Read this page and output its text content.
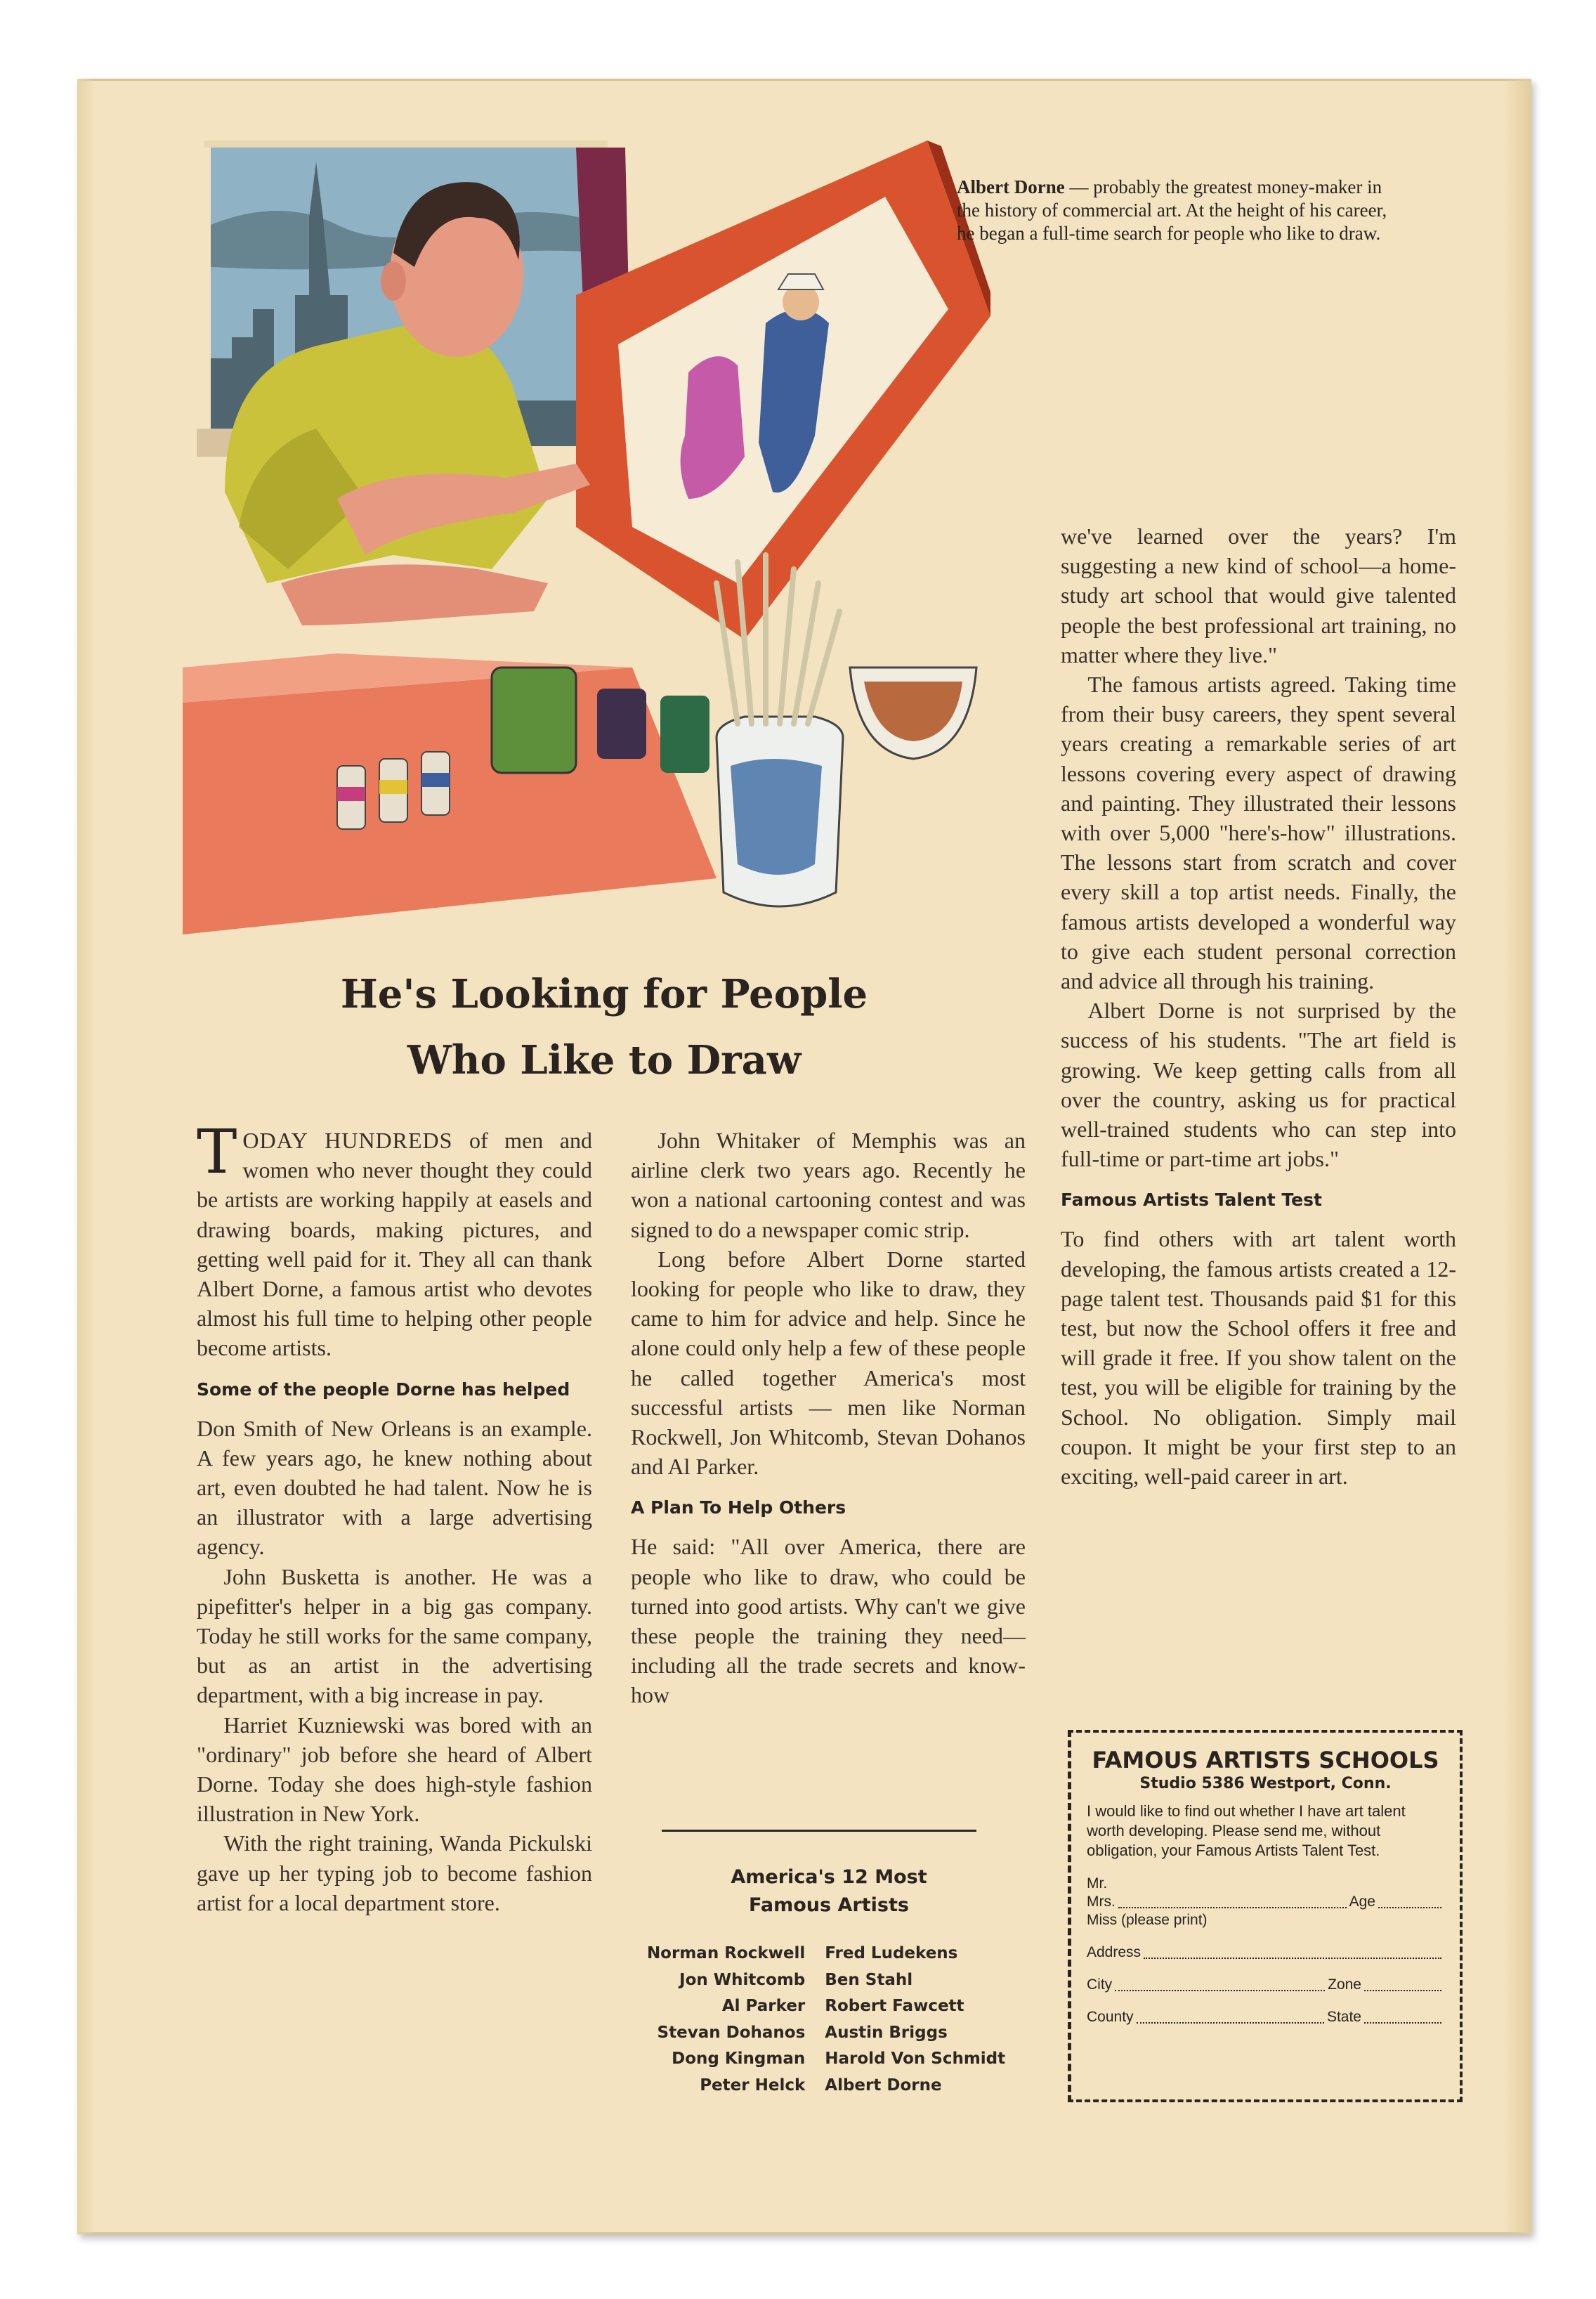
Albert Dorne — probably the greatest money-maker in the history of commercial art. At the height of his career, he began a full-time search for people who like to draw.
He's Looking for People
Who Like to Draw

TODAY HUNDREDS of men and women who never thought they could be artists are working happily at easels and drawing boards, making pictures, and getting well paid for it. They all can thank Albert Dorne, a famous artist who devotes almost his full time to helping other people become artists.

Some of the people Dorne has helped

Don Smith of New Orleans is an example. A few years ago, he knew nothing about art, even doubted he had talent. Now he is an illustrator with a large advertising agency.

John Busketta is another. He was a pipefitter's helper in a big gas company. Today he still works for the same company, but as an artist in the advertising department, with a big increase in pay.

Harriet Kuzniewski was bored with an "ordinary" job before she heard of Albert Dorne. Today she does high-style fashion illustration in New York.

With the right training, Wanda Pickulski gave up her typing job to become fashion artist for a local department store.

John Whitaker of Memphis was an airline clerk two years ago. Recently he won a national cartooning contest and was signed to do a newspaper comic strip.

Long before Albert Dorne started looking for people who like to draw, they came to him for advice and help. Since he alone could only help a few of these people he called together America's most successful artists — men like Norman Rockwell, Jon Whitcomb, Stevan Dohanos and Al Parker.

A Plan To Help Others

He said: "All over America, there are people who like to draw, who could be turned into good artists. Why can't we give these people the training they need—including all the trade secrets and know-how

we've learned over the years? I'm suggesting a new kind of school—a home-study art school that would give talented people the best professional art training, no matter where they live."

The famous artists agreed. Taking time from their busy careers, they spent several years creating a remarkable series of art lessons covering every aspect of drawing and painting. They illustrated their lessons with over 5,000 "here's-how" illustrations. The lessons start from scratch and cover every skill a top artist needs. Finally, the famous artists developed a wonderful way to give each student personal correction and advice all through his training.

Albert Dorne is not surprised by the success of his students. "The art field is growing. We keep getting calls from all over the country, asking us for practical well-trained students who can step into full-time or part-time art jobs."

Famous Artists Talent Test

To find others with art talent worth developing, the famous artists created a 12-page talent test. Thousands paid $1 for this test, but now the School offers it free and will grade it free. If you show talent on the test, you will be eligible for training by the School. No obligation. Simply mail coupon. It might be your first step to an exciting, well-paid career in art.

America's 12 Most
Famous Artists
Norman Rockwell	Fred Ludekens
Jon Whitcomb	Ben Stahl
Al Parker	Robert Fawcett
Stevan Dohanos	Austin Briggs
Dong Kingman	Harold Von Schmidt
Peter Helck	Albert Dorne
FAMOUS ARTISTS SCHOOLS
Studio 5386 Westport, Conn.
I would like to find out whether I have art talent worth developing. Please send me, without obligation, your Famous Artists Talent Test.
Mr.
Mrs.	Age
Miss (please print)
Address
City	Zone
County	State
